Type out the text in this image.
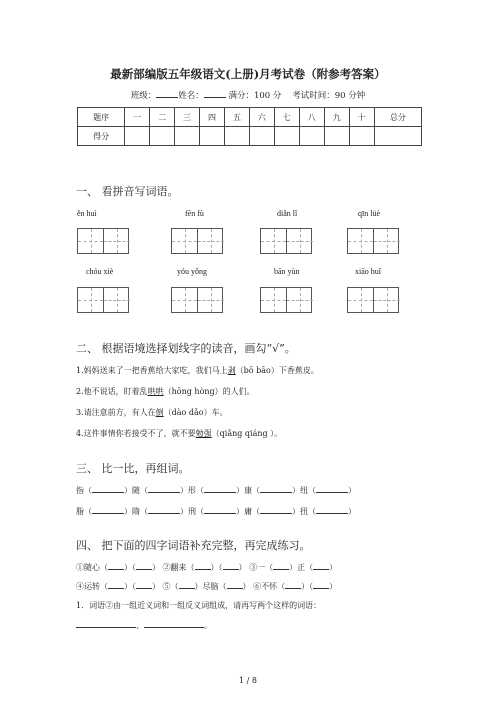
最新部编版五年级语文(上册)月考试卷（附参考答案）
班级：	姓名：	满分：100 分 考试时间：90 分钟
题序	一	二	三	四	五	六	七	八	九	十	总分
得分											
一、 看拼音写词语。
ěn huì	fēn fù	diǎn lǐ	qīn lüè
chóu xiè	yóu yǒng	bān yùn	xiāo huǐ
二、 根据语境选择划线字的读音，画勾“√”。
1.妈妈送来了一把香蕉给大家吃，我们马上剥（bō bāo）下香蕉皮。
2.他不说话，盯着乱哄哄（hōng hòng）的人们。
3.请注意前方，有人在倒（dào dǎo）车。
4.这件事情你若接受不了，就不要勉强（qiǎng qiáng ）。
三、 比一比，再组词。
指（	）随（	）形（	）康（	）纽（	）
脂（	）隋（	）刑（	）庸（	）扭（	）
四、 把下面的四字词语补充完整，再完成练习。
①随心（ ）（ ） ②翻来（ ）（ ） ③一（ ）正（ ）
④运转（ ）（ ） ⑤（ ）尽脑（ ） ⑥不怀（ ）（ ）
1．词语②由一组近义词和一组反义词组成，请再写两个这样的词语：
、	。
1 / 8
